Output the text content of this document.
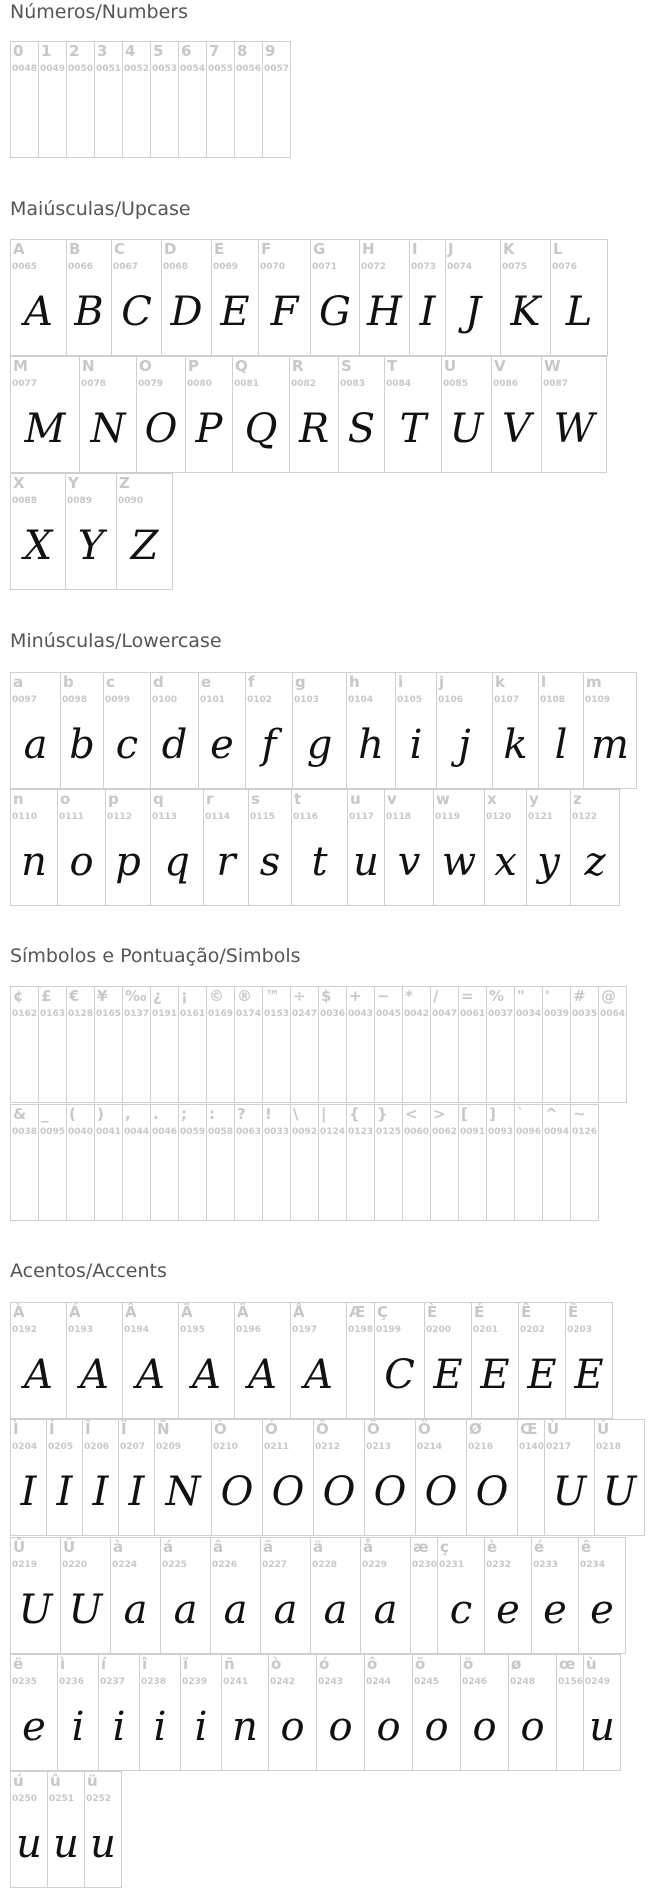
Números/Numbers
0
0048
1
0049
2
0050
3
0051
4
0052
5
0053
6
0054
7
0055
8
0056
9
0057
Maiúsculas/Upcase
A
0065
A
B
0066
B
C
0067
C
D
0068
D
E
0069
E
F
0070
F
G
0071
G
H
0072
H
I
0073
I
J
0074
J
K
0075
K
L
0076
L
M
0077
M
N
0078
N
O
0079
O
P
0080
P
Q
0081
Q
R
0082
R
S
0083
S
T
0084
T
U
0085
U
V
0086
V
W
0087
W
X
0088
X
Y
0089
Y
Z
0090
Z
Minúsculas/Lowercase
a
0097
a
b
0098
b
c
0099
c
d
0100
d
e
0101
e
f
0102
f
g
0103
g
h
0104
h
i
0105
i
j
0106
j
k
0107
k
l
0108
l
m
0109
m
n
0110
n
o
0111
o
p
0112
p
q
0113
q
r
0114
r
s
0115
s
t
0116
t
u
0117
u
v
0118
v
w
0119
w
x
0120
x
y
0121
y
z
0122
z
Símbolos e Pontuação/Simbols
¢
0162
£
0163
€
0128
¥
0165
‰
0137
¿
0191
¡
0161
©
0169
®
0174
™
0153
÷
0247
$
0036
+
0043
−
0045
*
0042
/
0047
=
0061
%
0037
"
0034
'
0039
#
0035
@
0064
&
0038
_
0095
(
0040
)
0041
,
0044
.
0046
;
0059
:
0058
?
0063
!
0033
\
0092
|
0124
{
0123
}
0125
<
0060
>
0062
[
0091
]
0093
`
0096
^
0094
~
0126
Acentos/Accents
À
0192
A
Á
0193
A
Â
0194
A
Ã
0195
A
Ä
0196
A
Å
0197
A
Æ
0198
Ç
0199
C
È
0200
E
É
0201
E
Ê
0202
E
Ë
0203
E
Ì
0204
I
Í
0205
I
Î
0206
I
Ï
0207
I
Ñ
0209
N
Ò
0210
O
Ó
0211
O
Ô
0212
O
Õ
0213
O
Ö
0214
O
Ø
0216
O
Œ
0140
Ù
0217
U
Ú
0218
U
Û
0219
U
Ü
0220
U
à
0224
a
á
0225
a
â
0226
a
ã
0227
a
ä
0228
a
å
0229
a
æ
0230
ç
0231
c
è
0232
e
é
0233
e
ê
0234
e
ë
0235
e
ì
0236
i
í
0237
i
î
0238
i
ï
0239
i
ñ
0241
n
ò
0242
o
ó
0243
o
ô
0244
o
õ
0245
o
ö
0246
o
ø
0248
o
œ
0156
ù
0249
u
ú
0250
u
û
0251
u
ü
0252
u
